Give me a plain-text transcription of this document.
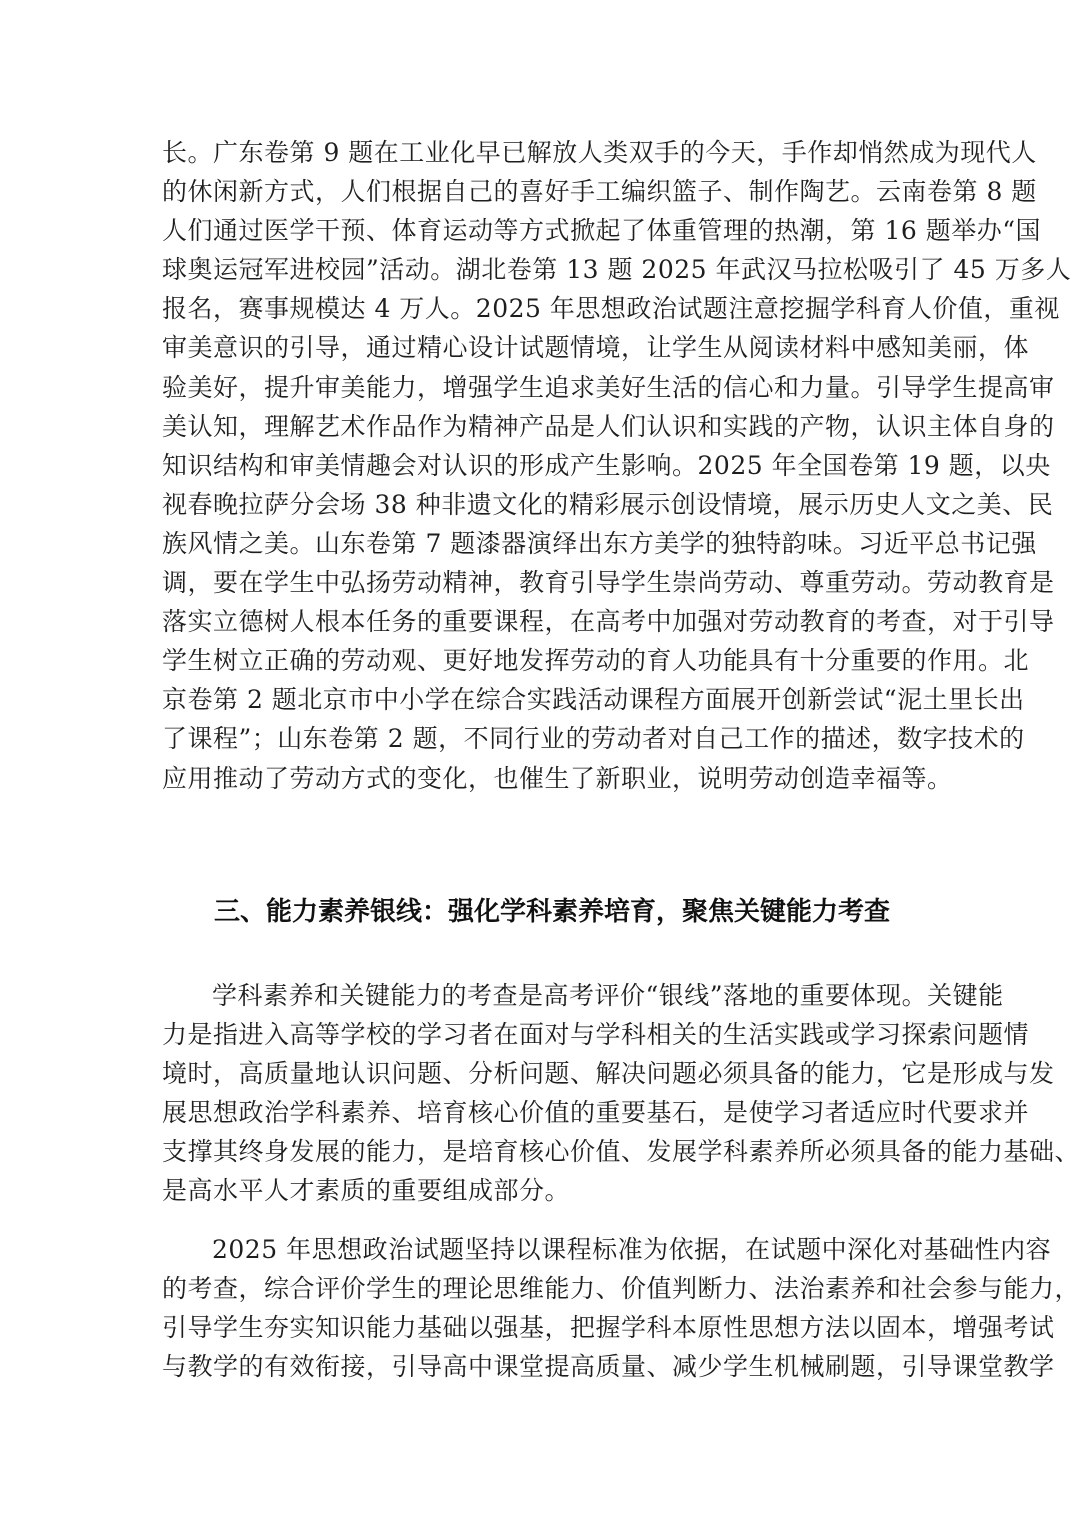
长。广东卷第 9 题在工业化早已解放人类双手的今天，手作却悄然成为现代人
的休闲新方式，人们根据自己的喜好手工编织篮子、制作陶艺。云南卷第 8 题
人们通过医学干预、体育运动等方式掀起了体重管理的热潮，第 16 题举办“国
球奥运冠军进校园”活动。湖北卷第 13 题 2025 年武汉马拉松吸引了 45 万多人
报名，赛事规模达 4 万人。2025 年思想政治试题注意挖掘学科育人价值，重视
审美意识的引导，通过精心设计试题情境，让学生从阅读材料中感知美丽，体
验美好，提升审美能力，增强学生追求美好生活的信心和力量。引导学生提高审
美认知，理解艺术作品作为精神产品是人们认识和实践的产物，认识主体自身的
知识结构和审美情趣会对认识的形成产生影响。2025 年全国卷第 19 题，以央
视春晚拉萨分会场 38 种非遗文化的精彩展示创设情境，展示历史人文之美、民
族风情之美。山东卷第 7 题漆器演绎出东方美学的独特韵味。习近平总书记强
调，要在学生中弘扬劳动精神，教育引导学生崇尚劳动、尊重劳动。劳动教育是
落实立德树人根本任务的重要课程，在高考中加强对劳动教育的考查，对于引导
学生树立正确的劳动观、更好地发挥劳动的育人功能具有十分重要的作用。北
京卷第 2 题北京市中小学在综合实践活动课程方面展开创新尝试“泥土里长出
了课程”；山东卷第 2 题，不同行业的劳动者对自己工作的描述，数字技术的
应用推动了劳动方式的变化，也催生了新职业，说明劳动创造幸福等。
三、能力素养银线：强化学科素养培育，聚焦关键能力考查
学科素养和关键能力的考查是高考评价“银线”落地的重要体现。关键能
力是指进入高等学校的学习者在面对与学科相关的生活实践或学习探索问题情
境时，高质量地认识问题、分析问题、解决问题必须具备的能力，它是形成与发
展思想政治学科素养、培育核心价值的重要基石，是使学习者适应时代要求并
支撑其终身发展的能力，是培育核心价值、发展学科素养所必须具备的能力基础、
是高水平人才素质的重要组成部分。
2025 年思想政治试题坚持以课程标准为依据，在试题中深化对基础性内容
的考查，综合评价学生的理论思维能力、价值判断力、法治素养和社会参与能力，
引导学生夯实知识能力基础以强基，把握学科本原性思想方法以固本，增强考试
与教学的有效衔接，引导高中课堂提高质量、减少学生机械刷题，引导课堂教学
